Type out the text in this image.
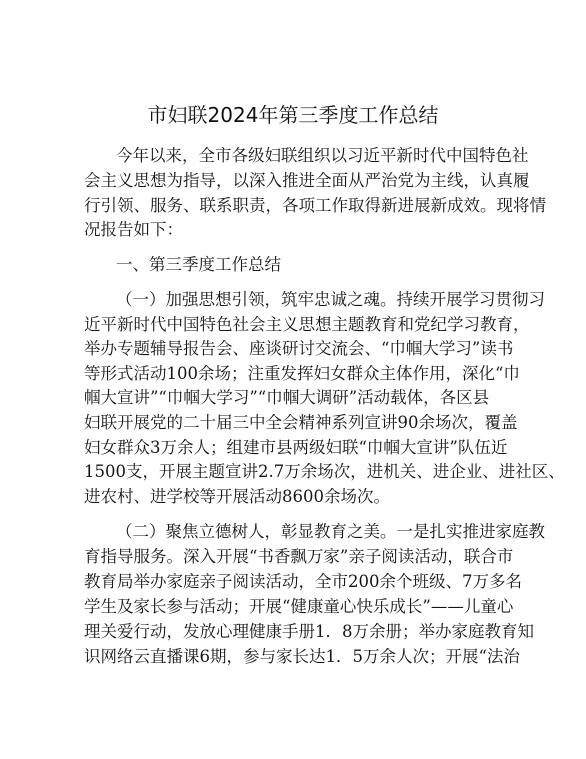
市妇联2024年第三季度工作总结
今年以来，全市各级妇联组织以习近平新时代中国特色社
会主义思想为指导，以深入推进全面从严治党为主线，认真履
行引领、服务、联系职责，各项工作取得新进展新成效。现将情
况报告如下：
一、第三季度工作总结
（一）加强思想引领，筑牢忠诚之魂。持续开展学习贯彻习
近平新时代中国特色社会主义思想主题教育和党纪学习教育，
举办专题辅导报告会、座谈研讨交流会、“巾帼大学习”读书
等形式活动100余场；注重发挥妇女群众主体作用，深化“巾
帼大宣讲”“巾帼大学习”“巾帼大调研”活动载体，各区县
妇联开展党的二十届三中全会精神系列宣讲90余场次，覆盖
妇女群众3万余人；组建市县两级妇联“巾帼大宣讲”队伍近
1500支，开展主题宣讲2.7万余场次，进机关、进企业、进社区、
进农村、进学校等开展活动8600余场次。
（二）聚焦立德树人，彰显教育之美。一是扎实推进家庭教
育指导服务。深入开展“书香飘万家”亲子阅读活动，联合市
教育局举办家庭亲子阅读活动，全市200余个班级、7万多名
学生及家长参与活动；开展“健康童心快乐成长”——儿童心
理关爱行动，发放心理健康手册1．8万余册；举办家庭教育知
识网络云直播课6期，参与家长达1．5万余人次；开展“法治
